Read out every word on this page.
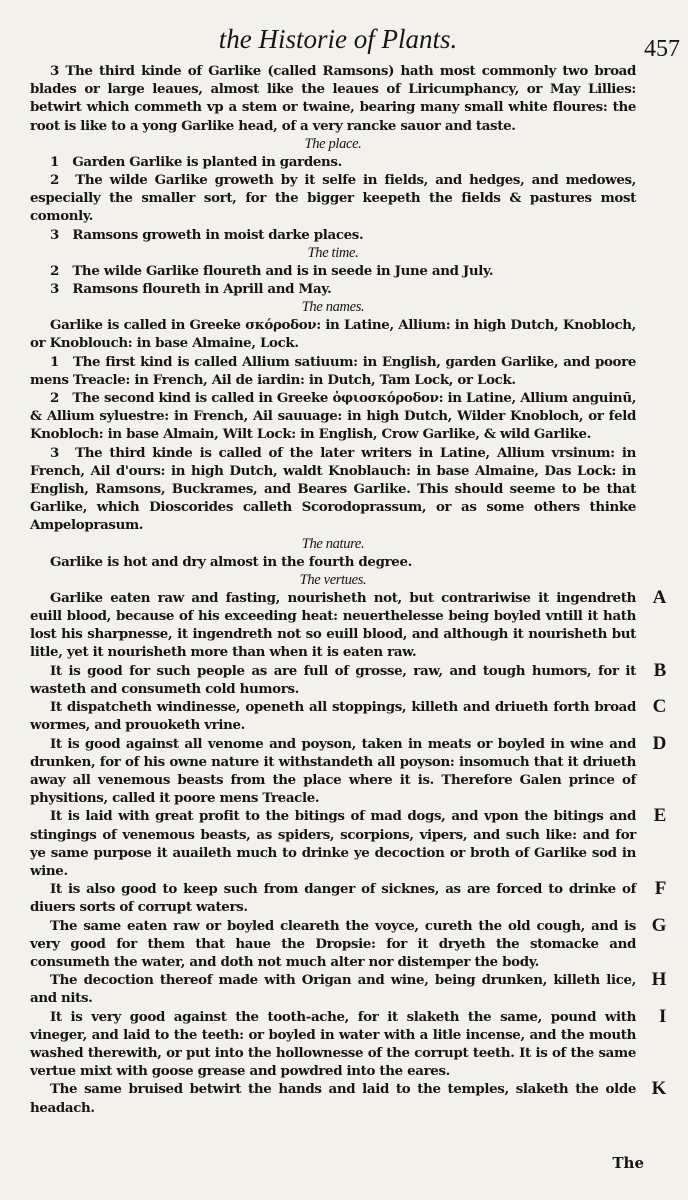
the Historie of Plants.	457

3 The third kinde of Garlike (called Ramsons) hath most commonly two broad blades or large leaues, almost like the leaues of Liricumphancy, or May Lillies: betwirt which commeth vp a stem or twaine, bearing many small white floures: the root is like to a yong Garlike head, of a very rancke sauor and taste.

The place.

1 Garden Garlike is planted in gardens.

2 The wilde Garlike groweth by it selfe in fields, and hedges, and medowes, especially the smaller sort, for the bigger keepeth the fields & pastures most comonly.

3 Ramsons groweth in moist darke places.

The time.

2 The wilde Garlike floureth and is in seede in June and July.

3 Ramsons floureth in Aprill and May.

The names.

Garlike is called in Greeke σκόροδον: in Latine, Allium: in high Dutch, Knobloch, or Knoblouch: in base Almaine, Lock.

1 The first kind is called Allium satiuum: in English, garden Garlike, and poore mens Treacle: in French, Ail de iardin: in Dutch, Tam Lock, or Lock.

2 The second kind is called in Greeke ὀφιοσκόροδον: in Latine, Allium anguinū, & Allium syluestre: in French, Ail sauuage: in high Dutch, Wilder Knobloch, or feld Knobloch: in base Almain, Wilt Lock: in English, Crow Garlike, & wild Garlike.

3 The third kinde is called of the later writers in Latine, Allium vrsinum: in French, Ail d'ours: in high Dutch, waldt Knoblauch: in base Almaine, Das Lock: in English, Ramsons, Buckrames, and Beares Garlike. This should seeme to be that Garlike, which Dioscorides calleth Scorodoprassum, or as some others thinke Ampeloprasum.

The nature.

Garlike is hot and dry almost in the fourth degree.

The vertues.

Garlike eaten raw and fasting, nourisheth not, but contrariwise it ingendreth euill blood, because of his exceeding heat: neuerthelesse being boyled vntill it hath lost his sharpnesse, it ingendreth not so euill blood, and although it nourisheth but litle, yet it nourisheth more than when it is eaten raw.

A

It is good for such people as are full of grosse, raw, and tough humors, for it wasteth and consumeth cold humors.

B

It dispatcheth windinesse, openeth all stoppings, killeth and driueth forth broad wormes, and prouoketh vrine.

C

It is good against all venome and poyson, taken in meats or boyled in wine and drunken, for of his owne nature it withstandeth all poyson: insomuch that it driueth away all venemous beasts from the place where it is. Therefore Galen prince of physitions, called it poore mens Treacle.

D

It is laid with great profit to the bitings of mad dogs, and vpon the bitings and stingings of venemous beasts, as spiders, scorpions, vipers, and such like: and for ye same purpose it auaileth much to drinke ye decoction or broth of Garlike sod in wine.

E

It is also good to keep such from danger of sicknes, as are forced to drinke of diuers sorts of corrupt waters.

F

The same eaten raw or boyled cleareth the voyce, cureth the old cough, and is very good for them that haue the Dropsie: for it dryeth the stomacke and consumeth the water, and doth not much alter nor distemper the body.

G

The decoction thereof made with Origan and wine, being drunken, killeth lice, and nits.

H

It is very good against the tooth-ache, for it slaketh the same, pound with vineger, and laid to the teeth: or boyled in water with a litle incense, and the mouth washed therewith, or put into the hollownesse of the corrupt teeth. It is of the same vertue mixt with goose grease and powdred into the eares.

I

The same bruised betwirt the hands and laid to the temples, slaketh the olde headach.

K
The
